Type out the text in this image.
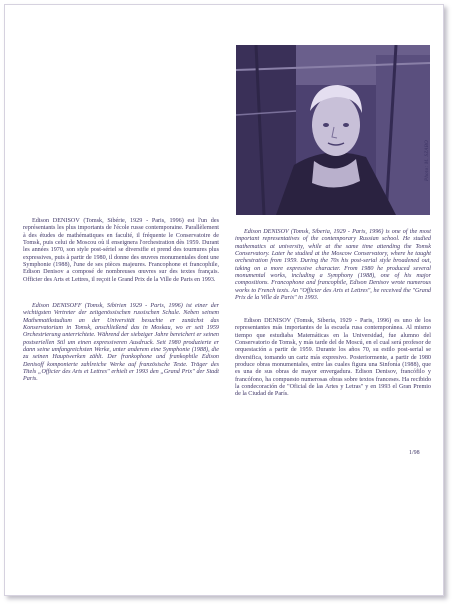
Photo: M. SZABO

Edison DENISOV (Tomsk, Sibérie, 1929 - Paris, 1996) est l'un des représentants les plus importants de l'école russe contemporaine. Parallèlement à des études de mathématiques en faculté, il fréquente le Conservatoire de Tomsk, puis celui de Moscou où il enseignera l'orchestration dès 1959. Durant les années 1970, son style post-sériel se diversifie et prend des tournures plus expressives, puis à partir de 1980, il donne des œuvres monumentales dont une Symphonie (1988), l'une de ses pièces majeures. Francophone et francophile, Edison Denisov a composé de nombreuses œuvres sur des textes français. Officier des Arts et Lettres, il reçoit le Grand Prix de la Ville de Paris en 1993.

Edison DENISOV (Tomsk, Siberia, 1929 - Paris, 1996) is one of the most important representatives of the contemporary Russian school. He studied mathematics at university, while at the same time attending the Tomsk Conservatory. Later he studied at the Moscow Conservatory, where he taught orchestration from 1959. During the 70s his post-serial style broadened out, taking on a more expressive character. From 1980 he produced several monumental works, including a Symphony (1988), one of his major compositions. Francophone and francophile, Edison Denisov wrote numerous works to French texts. An "Officier des Arts et Lettres", he received the "Grand Prix de la Ville de Paris" in 1993.

Edison DENISOFF (Tomsk, Sibirien 1929 - Paris, 1996) ist einer der wichtigsten Vertreter der zeitgenössischen russischen Schule. Neben seinem Mathematikstudium an der Universität besuchte er zunächst das Konservatorium in Tomsk, anschließend das in Moskau, wo er seit 1959 Orchestrierung unterrichtete. Während der siebziger Jahre bereichert er seinen postseriellen Stil um einen expressiveren Ausdruck. Seit 1980 produzierte er dann seine umfangreichsten Werke, unter anderem eine Symphonie (1988), die zu seinen Hauptwerken zählt. Der frankophone und frankophile Edison Denisoff komponierte zahlreiche Werke auf französische Texte. Träger des Titels „Officier des Arts et Lettres" erhielt er 1993 den „Grand Prix" der Stadt Paris.

Edison DENISOV (Tomsk, Siberia, 1929 - Paris, 1996) es uno de los representantes más importantes de la escuela rusa contemporánea. Al mismo tiempo que estudiaba Matemáticas en la Universidad, fue alumno del Conservatorio de Tomsk, y más tarde del de Moscú, en el cual será profesor de orquestación a partir de 1959. Durante los años 70, su estilo post-serial se diversifica, tomando un cariz más expresivo. Posteriormente, a partir de 1980 produce obras monumentales, entre las cuales figura una Sinfonía (1988), que es una de sus obras de mayor envergadura. Edison Denisov, francófilo y francófono, ha compuesto numerosas obras sobre textos franceses. Ha recibido la condecoración de "Oficial de las Artes y Letras" y en 1993 el Gran Premio de la Ciudad de París.

1/98
